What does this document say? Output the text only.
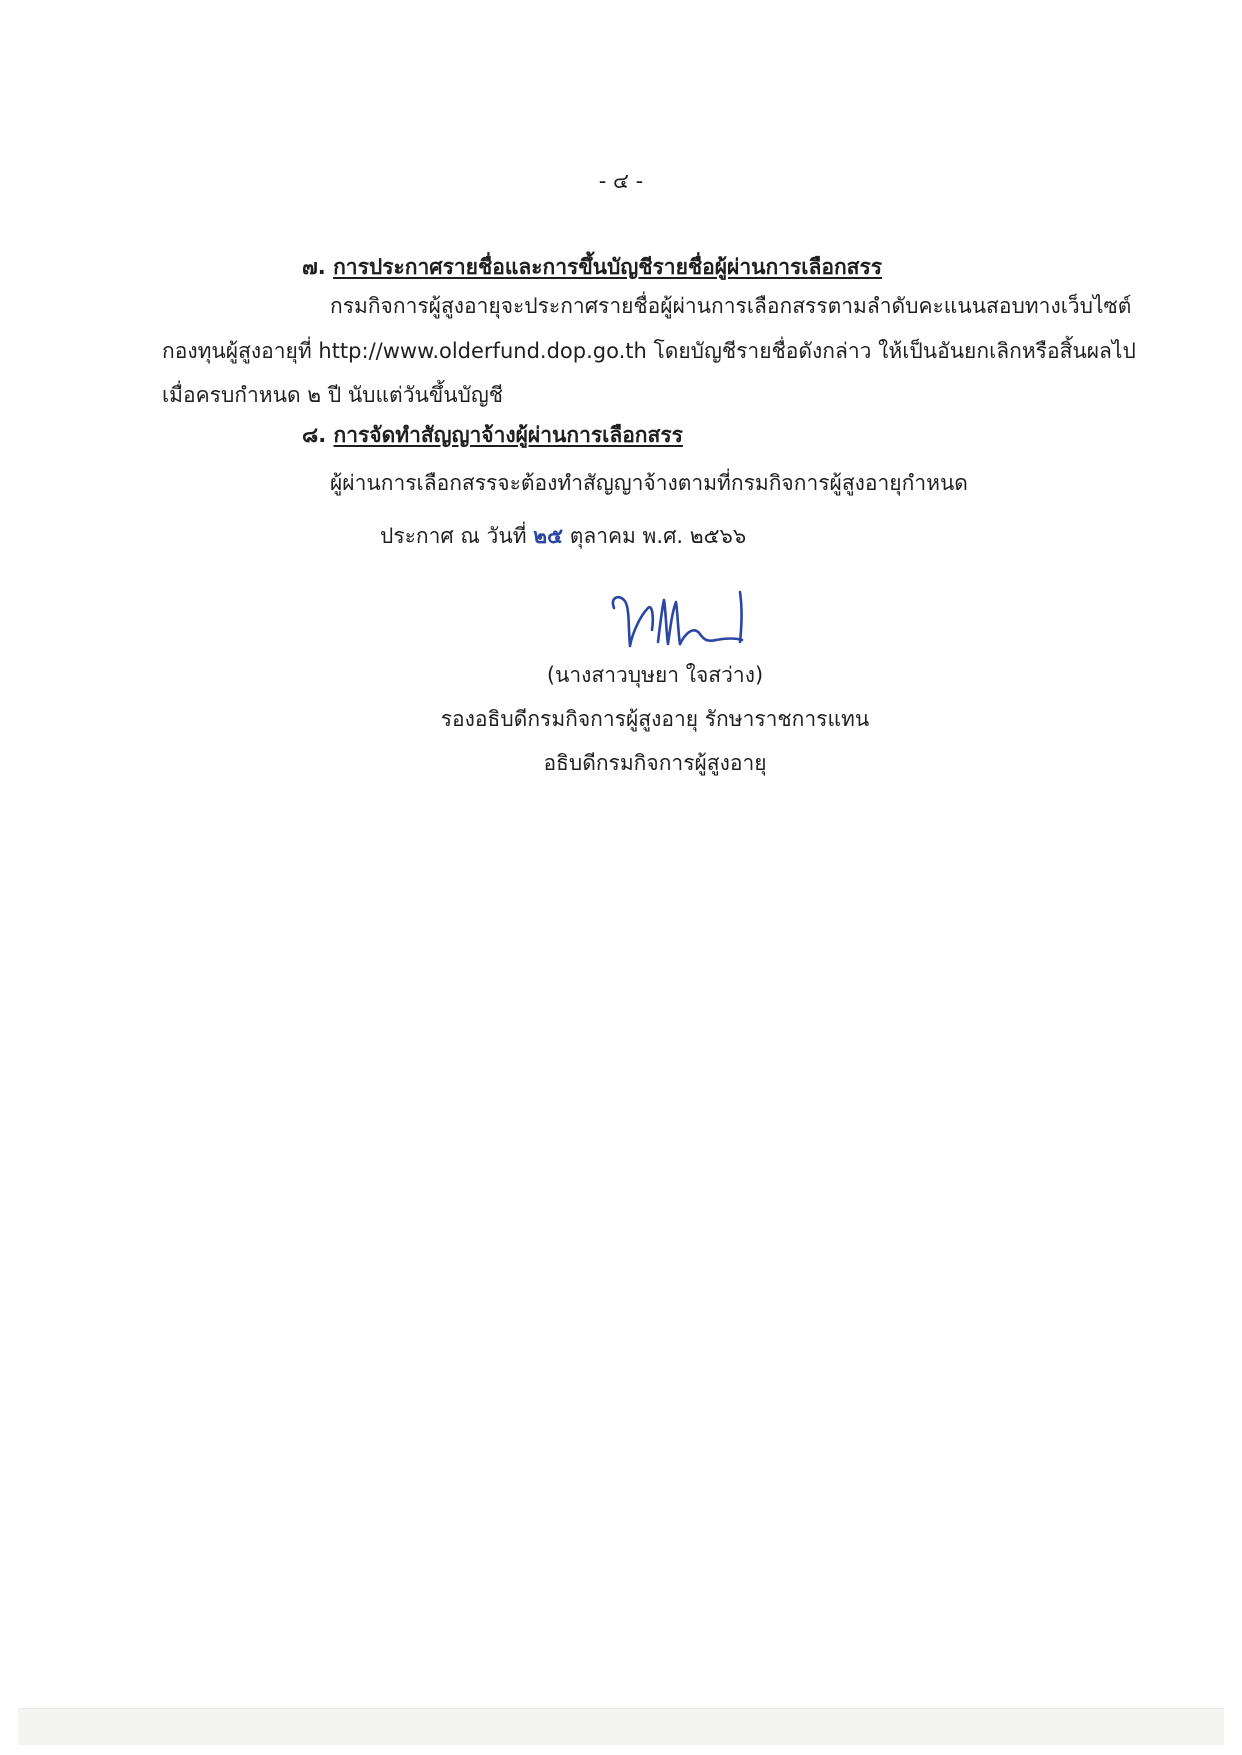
- ๔ -
๗. การประกาศรายชื่อและการขึ้นบัญชีรายชื่อผู้ผ่านการเลือกสรร
กรมกิจการผู้สูงอายุจะประกาศรายชื่อผู้ผ่านการเลือกสรรตามลำดับคะแนนสอบทางเว็บไซต์
กองทุนผู้สูงอายุที่ http://www.olderfund.dop.go.th โดยบัญชีรายชื่อดังกล่าว ให้เป็นอันยกเลิกหรือสิ้นผลไป
เมื่อครบกำหนด ๒ ปี นับแต่วันขึ้นบัญชี
๘. การจัดทำสัญญาจ้างผู้ผ่านการเลือกสรร
ผู้ผ่านการเลือกสรรจะต้องทำสัญญาจ้างตามที่กรมกิจการผู้สูงอายุกำหนด
ประกาศ ณ วันที่ ๒๕ ตุลาคม พ.ศ. ๒๕๖๖
(นางสาวบุษยา ใจสว่าง)
รองอธิบดีกรมกิจการผู้สูงอายุ รักษาราชการแทน
อธิบดีกรมกิจการผู้สูงอายุ
